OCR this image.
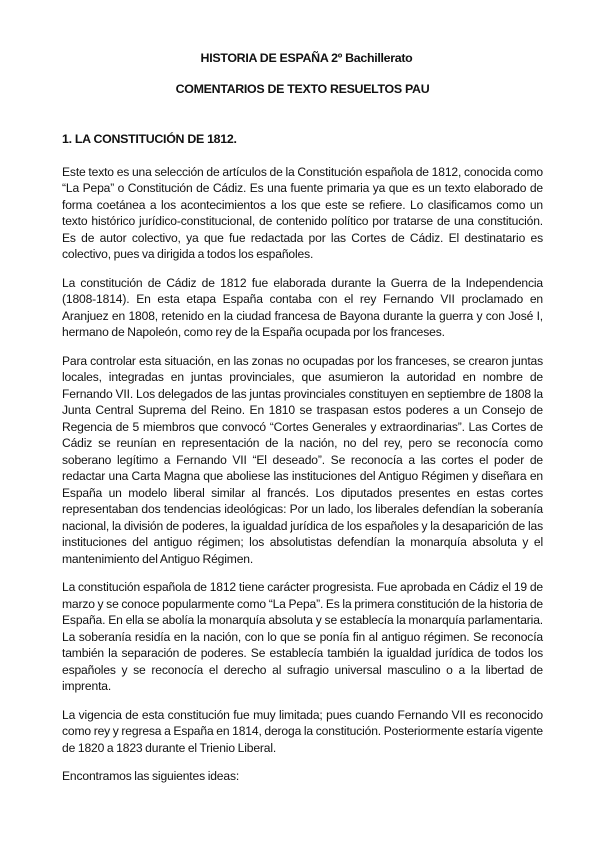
HISTORIA DE ESPAÑA 2º Bachillerato
COMENTARIOS DE TEXTO RESUELTOS PAU
1. LA CONSTITUCIÓN DE 1812.

Este texto es una selección de artículos de la Constitución española de 1812, conocida como “La Pepa” o Constitución de Cádiz. Es una fuente primaria ya que es un texto elaborado de forma coetánea a los acontecimientos a los que este se refiere. Lo clasificamos como un texto histórico jurídico-constitucional, de contenido político por tratarse de una constitución. Es de autor colectivo, ya que fue redactada por las Cortes de Cádiz. El destinatario es colectivo, pues va dirigida a todos los españoles.

La constitución de Cádiz de 1812 fue elaborada durante la Guerra de la Independencia (1808-1814). En esta etapa España contaba con el rey Fernando VII proclamado en Aranjuez en 1808, retenido en la ciudad francesa de Bayona durante la guerra y con José I, hermano de Napoleón, como rey de la España ocupada por los franceses.

Para controlar esta situación, en las zonas no ocupadas por los franceses, se crearon juntas locales, integradas en juntas provinciales, que asumieron la autoridad en nombre de Fernando VII. Los delegados de las juntas provinciales constituyen en septiembre de 1808 la Junta Central Suprema del Reino. En 1810 se traspasan estos poderes a un Consejo de Regencia de 5 miembros que convocó “Cortes Generales y extraordinarias”. Las Cortes de Cádiz se reunían en representación de la nación, no del rey, pero se reconocía como soberano legítimo a Fernando VII “El deseado”. Se reconocía a las cortes el poder de redactar una Carta Magna que aboliese las instituciones del Antiguo Régimen y diseñara en España un modelo liberal similar al francés. Los diputados presentes en estas cortes representaban dos tendencias ideológicas: Por un lado, los liberales defendían la soberanía nacional, la división de poderes, la igualdad jurídica de los españoles y la desaparición de las instituciones del antiguo régimen; los absolutistas defendían la monarquía absoluta y el mantenimiento del Antiguo Régimen.

La constitución española de 1812 tiene carácter progresista. Fue aprobada en Cádiz el 19 de marzo y se conoce popularmente como “La Pepa”. Es la primera constitución de la historia de España. En ella se abolía la monarquía absoluta y se establecía la monarquía parlamentaria. La soberanía residía en la nación, con lo que se ponía fin al antiguo régimen. Se reconocía también la separación de poderes. Se establecía también la igualdad jurídica de todos los españoles y se reconocía el derecho al sufragio universal masculino o a la libertad de imprenta.

La vigencia de esta constitución fue muy limitada; pues cuando Fernando VII es reconocido como rey y regresa a España en 1814, deroga la constitución. Posteriormente estaría vigente de 1820 a 1823 durante el Trienio Liberal.

Encontramos las siguientes ideas:
